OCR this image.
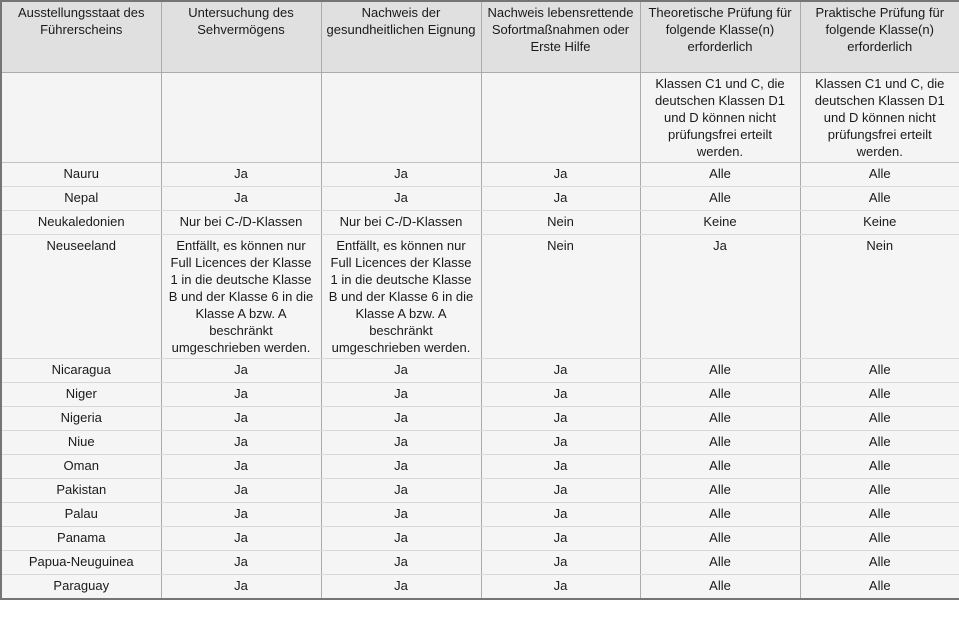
Ausstellungsstaat des Führerscheins	Untersuchung des Sehvermögens	Nachweis der gesundheitlichen Eignung	Nachweis lebensrettende Sofortmaßnahmen oder Erste Hilfe	Theoretische Prüfung für folgende Klasse(n) erforderlich	Praktische Prüfung für folgende Klasse(n) erforderlich
				Klassen C1 und C, die deutschen Klassen D1 und D können nicht prüfungsfrei erteilt werden.	Klassen C1 und C, die deutschen Klassen D1 und D können nicht prüfungsfrei erteilt werden.
Nauru	Ja	Ja	Ja	Alle	Alle
Nepal	Ja	Ja	Ja	Alle	Alle
Neukaledonien	Nur bei C-/D-Klassen	Nur bei C-/D-Klassen	Nein	Keine	Keine
Neuseeland	Entfällt, es können nur Full Licences der Klasse 1 in die deutsche Klasse B und der Klasse 6 in die Klasse A bzw. A beschränkt umgeschrieben werden.	Entfällt, es können nur Full Licences der Klasse 1 in die deutsche Klasse B und der Klasse 6 in die Klasse A bzw. A beschränkt umgeschrieben werden.	Nein	Ja	Nein
Nicaragua	Ja	Ja	Ja	Alle	Alle
Niger	Ja	Ja	Ja	Alle	Alle
Nigeria	Ja	Ja	Ja	Alle	Alle
Niue	Ja	Ja	Ja	Alle	Alle
Oman	Ja	Ja	Ja	Alle	Alle
Pakistan	Ja	Ja	Ja	Alle	Alle
Palau	Ja	Ja	Ja	Alle	Alle
Panama	Ja	Ja	Ja	Alle	Alle
Papua-Neuguinea	Ja	Ja	Ja	Alle	Alle
Paraguay	Ja	Ja	Ja	Alle	Alle
